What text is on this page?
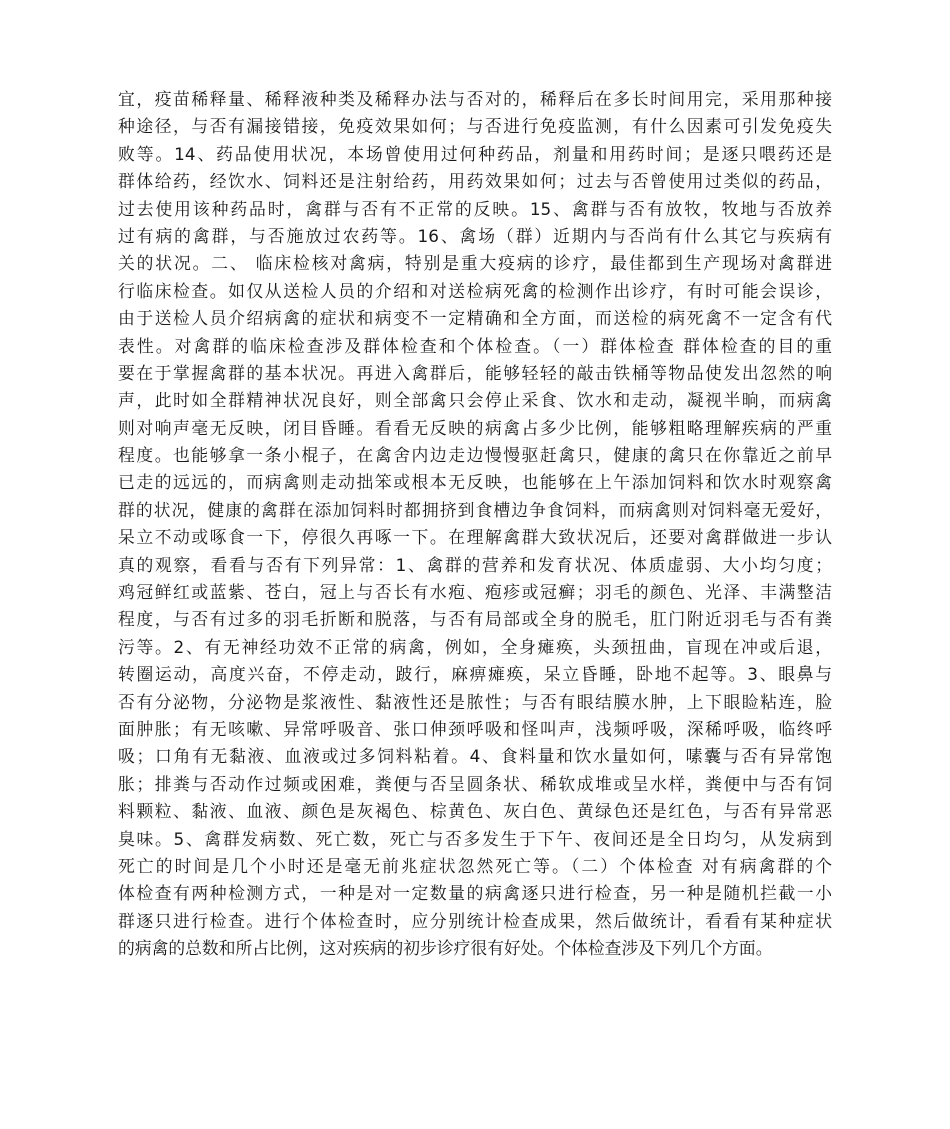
宜，疫苗稀释量、稀释液种类及稀释办法与否对的，稀释后在多长时间用完，采用那种接
种途径，与否有漏接错接，免疫效果如何；与否进行免疫监测，有什么因素可引发免疫失
败等。14、药品使用状况，本场曾使用过何种药品，剂量和用药时间；是逐只喂药还是
群体给药，经饮水、饲料还是注射给药，用药效果如何；过去与否曾使用过类似的药品，
过去使用该种药品时，禽群与否有不正常的反映。15、禽群与否有放牧，牧地与否放养
过有病的禽群，与否施放过农药等。16、禽场（群）近期内与否尚有什么其它与疾病有
关的状况。二、 临床检核对禽病，特别是重大疫病的诊疗，最佳都到生产现场对禽群进
行临床检查。如仅从送检人员的介绍和对送检病死禽的检测作出诊疗，有时可能会误诊，
由于送检人员介绍病禽的症状和病变不一定精确和全方面，而送检的病死禽不一定含有代
表性。对禽群的临床检查涉及群体检查和个体检查。（一）群体检查 群体检查的目的重
要在于掌握禽群的基本状况。再进入禽群后，能够轻轻的敲击铁桶等物品使发出忽然的响
声，此时如全群精神状况良好，则全部禽只会停止采食、饮水和走动，凝视半晌，而病禽
则对响声毫无反映，闭目昏睡。看看无反映的病禽占多少比例，能够粗略理解疾病的严重
程度。也能够拿一条小棍子，在禽舍内边走边慢慢驱赶禽只，健康的禽只在你靠近之前早
已走的远远的，而病禽则走动拙笨或根本无反映，也能够在上午添加饲料和饮水时观察禽
群的状况，健康的禽群在添加饲料时都拥挤到食槽边争食饲料，而病禽则对饲料毫无爱好，
呆立不动或啄食一下，停很久再啄一下。在理解禽群大致状况后，还要对禽群做进一步认
真的观察，看看与否有下列异常：1、禽群的营养和发育状况、体质虚弱、大小均匀度；
鸡冠鲜红或蓝紫、苍白，冠上与否长有水疱、疱疹或冠癣；羽毛的颜色、光泽、丰满整洁
程度，与否有过多的羽毛折断和脱落，与否有局部或全身的脱毛，肛门附近羽毛与否有粪
污等。2、有无神经功效不正常的病禽，例如，全身瘫痪，头颈扭曲，盲现在冲或后退，
转圈运动，高度兴奋，不停走动，跛行，麻痹瘫痪，呆立昏睡，卧地不起等。3、眼鼻与
否有分泌物，分泌物是浆液性、黏液性还是脓性；与否有眼结膜水肿，上下眼睑粘连，脸
面肿胀；有无咳嗽、异常呼吸音、张口伸颈呼吸和怪叫声，浅频呼吸，深稀呼吸，临终呼
吸；口角有无黏液、血液或过多饲料粘着。4、食料量和饮水量如何，嗉囊与否有异常饱
胀；排粪与否动作过频或困难，粪便与否呈圆条状、稀软成堆或呈水样，粪便中与否有饲
料颗粒、黏液、血液、颜色是灰褐色、棕黄色、灰白色、黄绿色还是红色，与否有异常恶
臭味。5、禽群发病数、死亡数，死亡与否多发生于下午、夜间还是全日均匀，从发病到
死亡的时间是几个小时还是毫无前兆症状忽然死亡等。（二）个体检查 对有病禽群的个
体检查有两种检测方式，一种是对一定数量的病禽逐只进行检查，另一种是随机拦截一小
群逐只进行检查。进行个体检查时，应分别统计检查成果，然后做统计，看看有某种症状
的病禽的总数和所占比例，这对疾病的初步诊疗很有好处。个体检查涉及下列几个方面。
